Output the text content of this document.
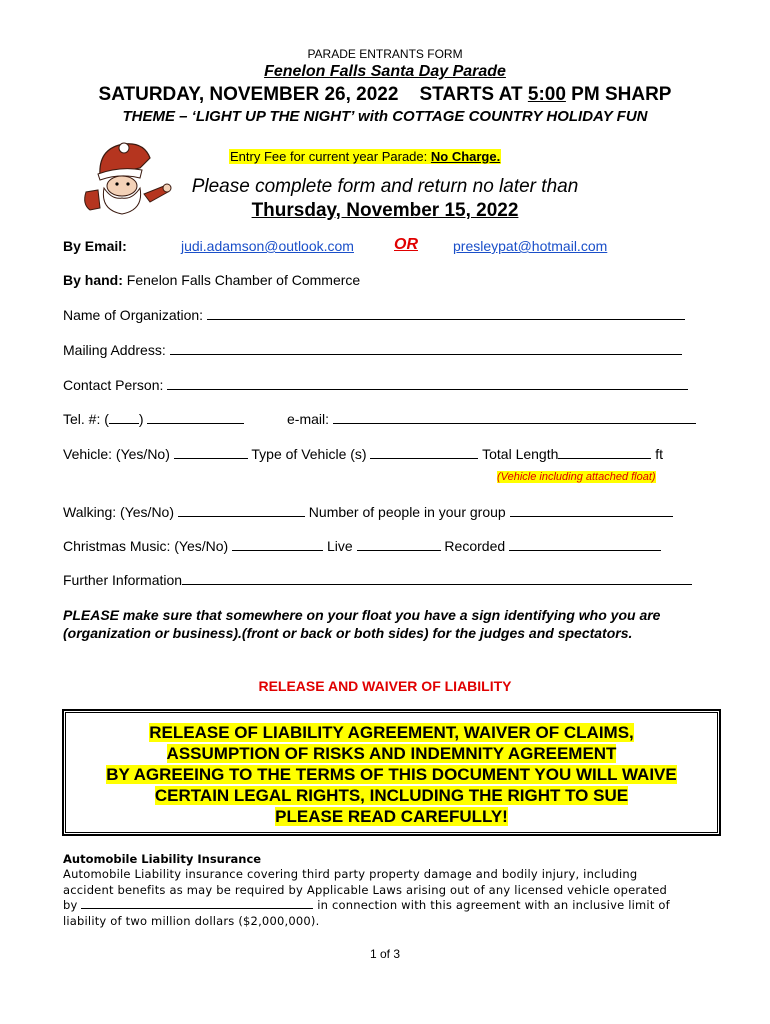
PARADE ENTRANTS FORM
Fenelon Falls Santa Day Parade
SATURDAY, NOVEMBER 26, 2022    STARTS AT 5:00 PM SHARP
THEME – ‘LIGHT UP THE NIGHT’ with COTTAGE COUNTRY HOLIDAY FUN
Entry Fee for current year Parade: No Charge.
Please complete form and return no later than
Thursday, November 15, 2022
By Email:	judi.adamson@outlook.com	OR	presleypat@hotmail.com
By hand: Fenelon Falls Chamber of Commerce
Name of Organization:
Mailing Address:
Contact Person:
Tel. #: ( )	e-mail:
Vehicle: (Yes/No)	Type of Vehicle (s)	Total Length	ft
(Vehicle including attached float)
Walking: (Yes/No)	Number of people in your group
Christmas Music: (Yes/No)	Live	Recorded
Further Information
PLEASE make sure that somewhere on your float you have a sign identifying who you are (organization or business).(front or back or both sides) for the judges and spectators.
RELEASE AND WAIVER OF LIABILITY
RELEASE OF LIABILITY AGREEMENT, WAIVER OF CLAIMS,
ASSUMPTION OF RISKS AND INDEMNITY AGREEMENT
BY AGREEING TO THE TERMS OF THIS DOCUMENT YOU WILL WAIVE
CERTAIN LEGAL RIGHTS, INCLUDING THE RIGHT TO SUE
PLEASE READ CAREFULLY!
Automobile Liability Insurance
Automobile Liability insurance covering third party property damage and bodily injury, including
accident benefits as may be required by Applicable Laws arising out of any licensed vehicle operated
by	in connection with this agreement with an inclusive limit of
liability of two million dollars ($2,000,000).
1 of 3
